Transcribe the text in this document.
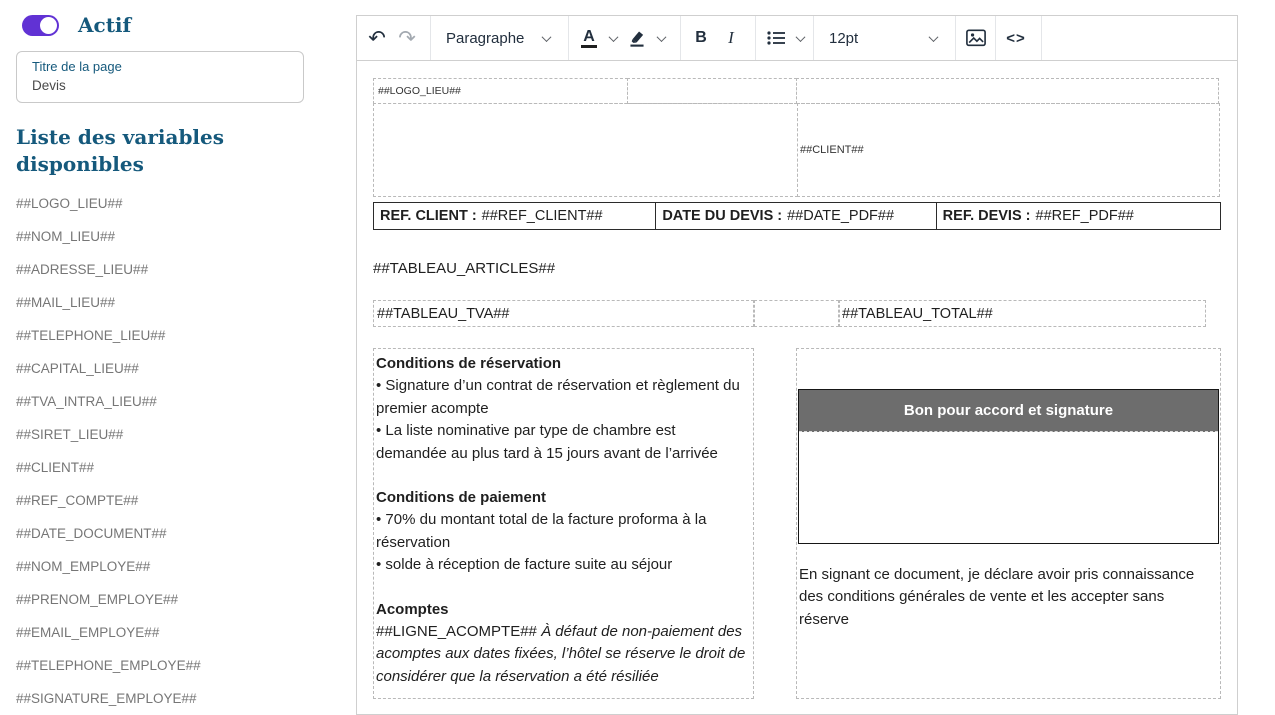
Actif
Titre de la page
Devis
Liste des variables disponibles
##LOGO_LIEU##
##NOM_LIEU##
##ADRESSE_LIEU##
##MAIL_LIEU##
##TELEPHONE_LIEU##
##CAPITAL_LIEU##
##TVA_INTRA_LIEU##
##SIRET_LIEU##
##CLIENT##
##REF_COMPTE##
##DATE_DOCUMENT##
##NOM_EMPLOYE##
##PRENOM_EMPLOYE##
##EMAIL_EMPLOYE##
##TELEPHONE_EMPLOYE##
##SIGNATURE_EMPLOYE##
↶ ↷ Paragraphe	A	B I	12pt	<>
##LOGO_LIEU##
##CLIENT##
REF. CLIENT : ##REF_CLIENT##	DATE DU DEVIS : ##DATE_PDF##	REF. DEVIS : ##REF_PDF##

##TABLEAU_ARTICLES##

##TABLEAU_TVA##	##TABLEAU_TOTAL##

Conditions de réservation

• Signature d’un contrat de réservation et règlement du premier acompte

• La liste nominative par type de chambre est demandée au plus tard à 15 jours avant de l’arrivée

Conditions de paiement

• 70% du montant total de la facture proforma à la réservation

• solde à réception de facture suite au séjour

Acomptes

##LIGNE_ACOMPTE## À défaut de non-paiement des acomptes aux dates fixées, l’hôtel se réserve le droit de considérer que la réservation a été résiliée

Bon pour accord et signature

En signant ce document, je déclare avoir pris connaissance des conditions générales de vente et les accepter sans réserve
